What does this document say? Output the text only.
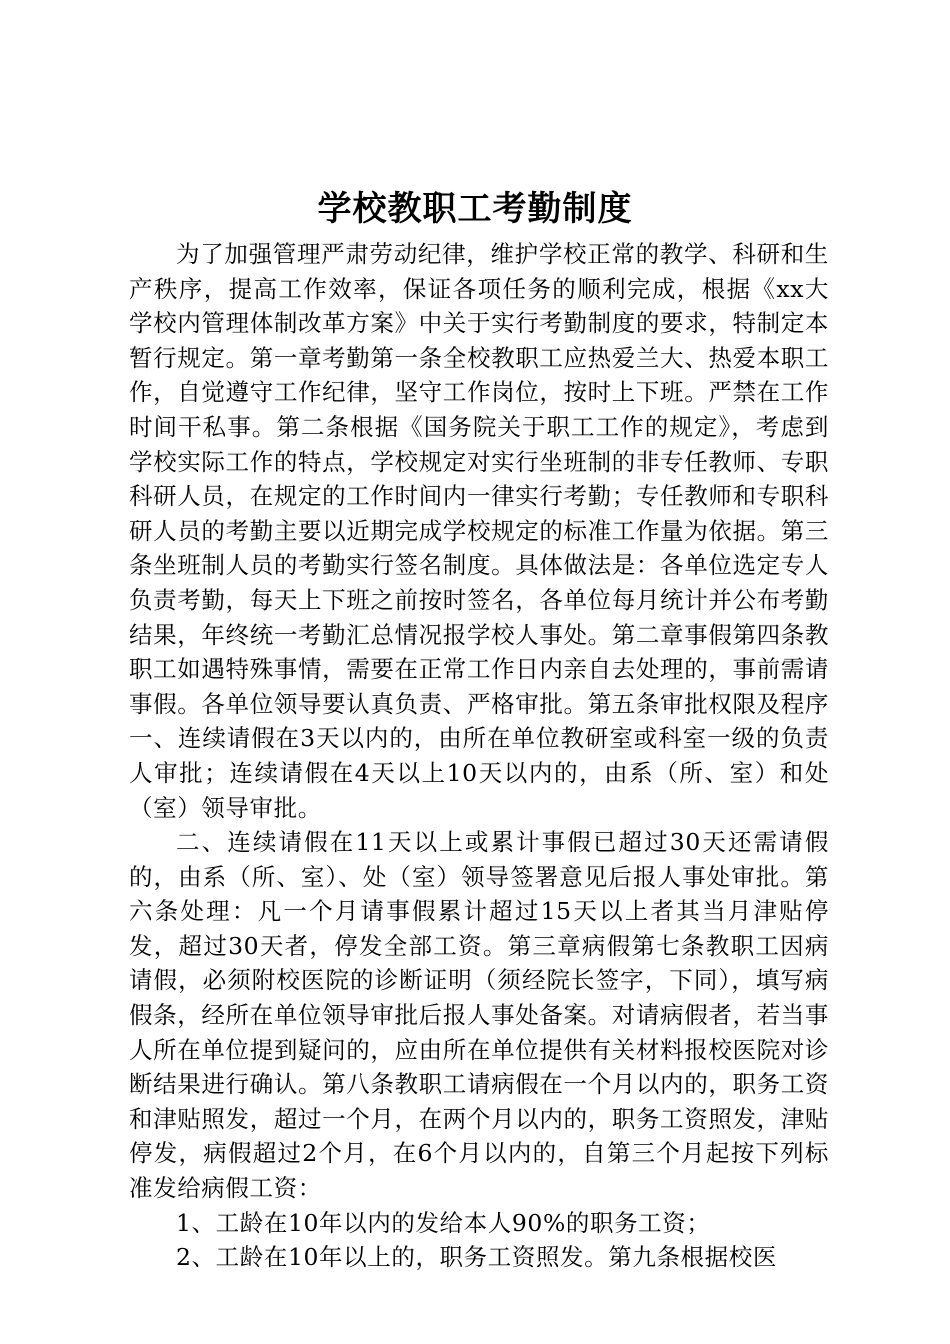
学校教职工考勤制度

为了加强管理严肃劳动纪律，维护学校正常的教学、科研和生产秩序，提高工作效率，保证各项任务的顺利完成，根据《xx大学校内管理体制改革方案》中关于实行考勤制度的要求，特制定本暂行规定。第一章考勤第一条全校教职工应热爱兰大、热爱本职工作，自觉遵守工作纪律，坚守工作岗位，按时上下班。严禁在工作时间干私事。第二条根据《国务院关于职工工作的规定》，考虑到学校实际工作的特点，学校规定对实行坐班制的非专任教师、专职科研人员，在规定的工作时间内一律实行考勤；专任教师和专职科研人员的考勤主要以近期完成学校规定的标准工作量为依据。第三条坐班制人员的考勤实行签名制度。具体做法是：各单位选定专人负责考勤，每天上下班之前按时签名，各单位每月统计并公布考勤结果，年终统一考勤汇总情况报学校人事处。第二章事假第四条教职工如遇特殊事情，需要在正常工作日内亲自去处理的，事前需请事假。各单位领导要认真负责、严格审批。第五条审批权限及程序一、连续请假在3天以内的，由所在单位教研室或科室一级的负责人审批；连续请假在4天以上10天以内的，由系（所、室）和处（室）领导审批。

二、连续请假在11天以上或累计事假已超过30天还需请假的，由系（所、室）、处（室）领导签署意见后报人事处审批。第六条处理：凡一个月请事假累计超过15天以上者其当月津贴停发，超过30天者，停发全部工资。第三章病假第七条教职工因病请假，必须附校医院的诊断证明（须经院长签字，下同），填写病假条，经所在单位领导审批后报人事处备案。对请病假者，若当事人所在单位提到疑问的，应由所在单位提供有关材料报校医院对诊断结果进行确认。第八条教职工请病假在一个月以内的，职务工资和津贴照发，超过一个月，在两个月以内的，职务工资照发，津贴停发，病假超过2个月，在6个月以内的，自第三个月起按下列标准发给病假工资：

1、工龄在10年以内的发给本人90%的职务工资；

2、工龄在10年以上的，职务工资照发。第九条根据校医
